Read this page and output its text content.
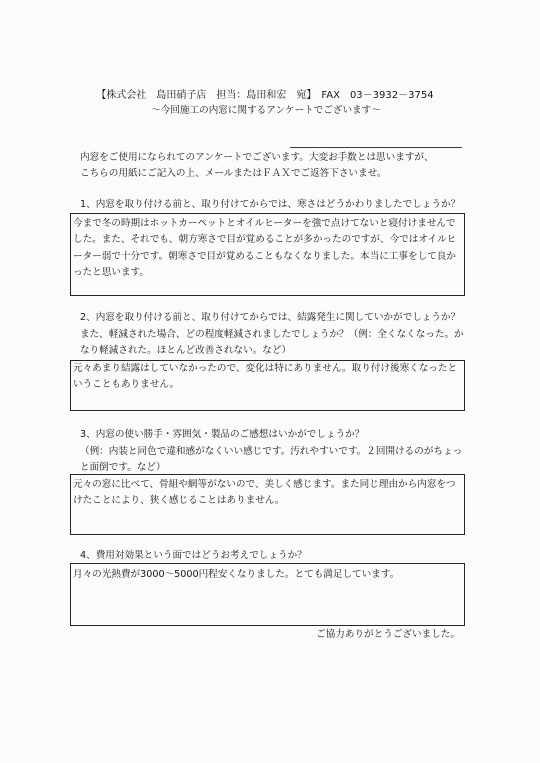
【株式会社　島田硝子店　担当：島田和宏　宛】　FAX　03－3932－3754
～今回施工の内窓に関するアンケートでございます～
内窓をご使用になられてのアンケートでございます。大変お手数とは思いますが、
こちらの用紙にご記入の上、メールまたはＦＡＸでご返答下さいませ。
1、内窓を取り付ける前と、取り付けてからでは、寒さはどうかわりましたでしょうか？
今まで冬の時期はホットカーペットとオイルヒーターを強で点けてないと寝付けませんで
した。また、それでも、朝方寒さで目が覚めることが多かったのですが、今ではオイルヒ
ーター弱で十分です。朝寒さで目が覚めることもなくなりました。本当に工事をして良か
ったと思います。
2、内窓を取り付ける前と、取り付けてからでは、結露発生に関していかがでしょうか？
また、軽減された場合、どの程度軽減されましたでしょうか？（例：全くなくなった。か
なり軽減された。ほとんど改善されない。など）
元々あまり結露はしていなかったので、変化は特にありません。取り付け後寒くなったと
いうこともありません。
3、内窓の使い勝手・雰囲気・製品のご感想はいかがでしょうか？
（例：内装と同色で違和感がなくいい感じです。汚れやすいです。２回開けるのがちょっ
と面倒です。など）
元々の窓に比べて、骨組や網等がないので、美しく感じます。また同じ理由から内窓をつ
けたことにより、狭く感じることはありません。
4、費用対効果という面ではどうお考えでしょうか？
月々の光熱費が3000～5000円程安くなりました。とても満足しています。
ご協力ありがとうございました。
